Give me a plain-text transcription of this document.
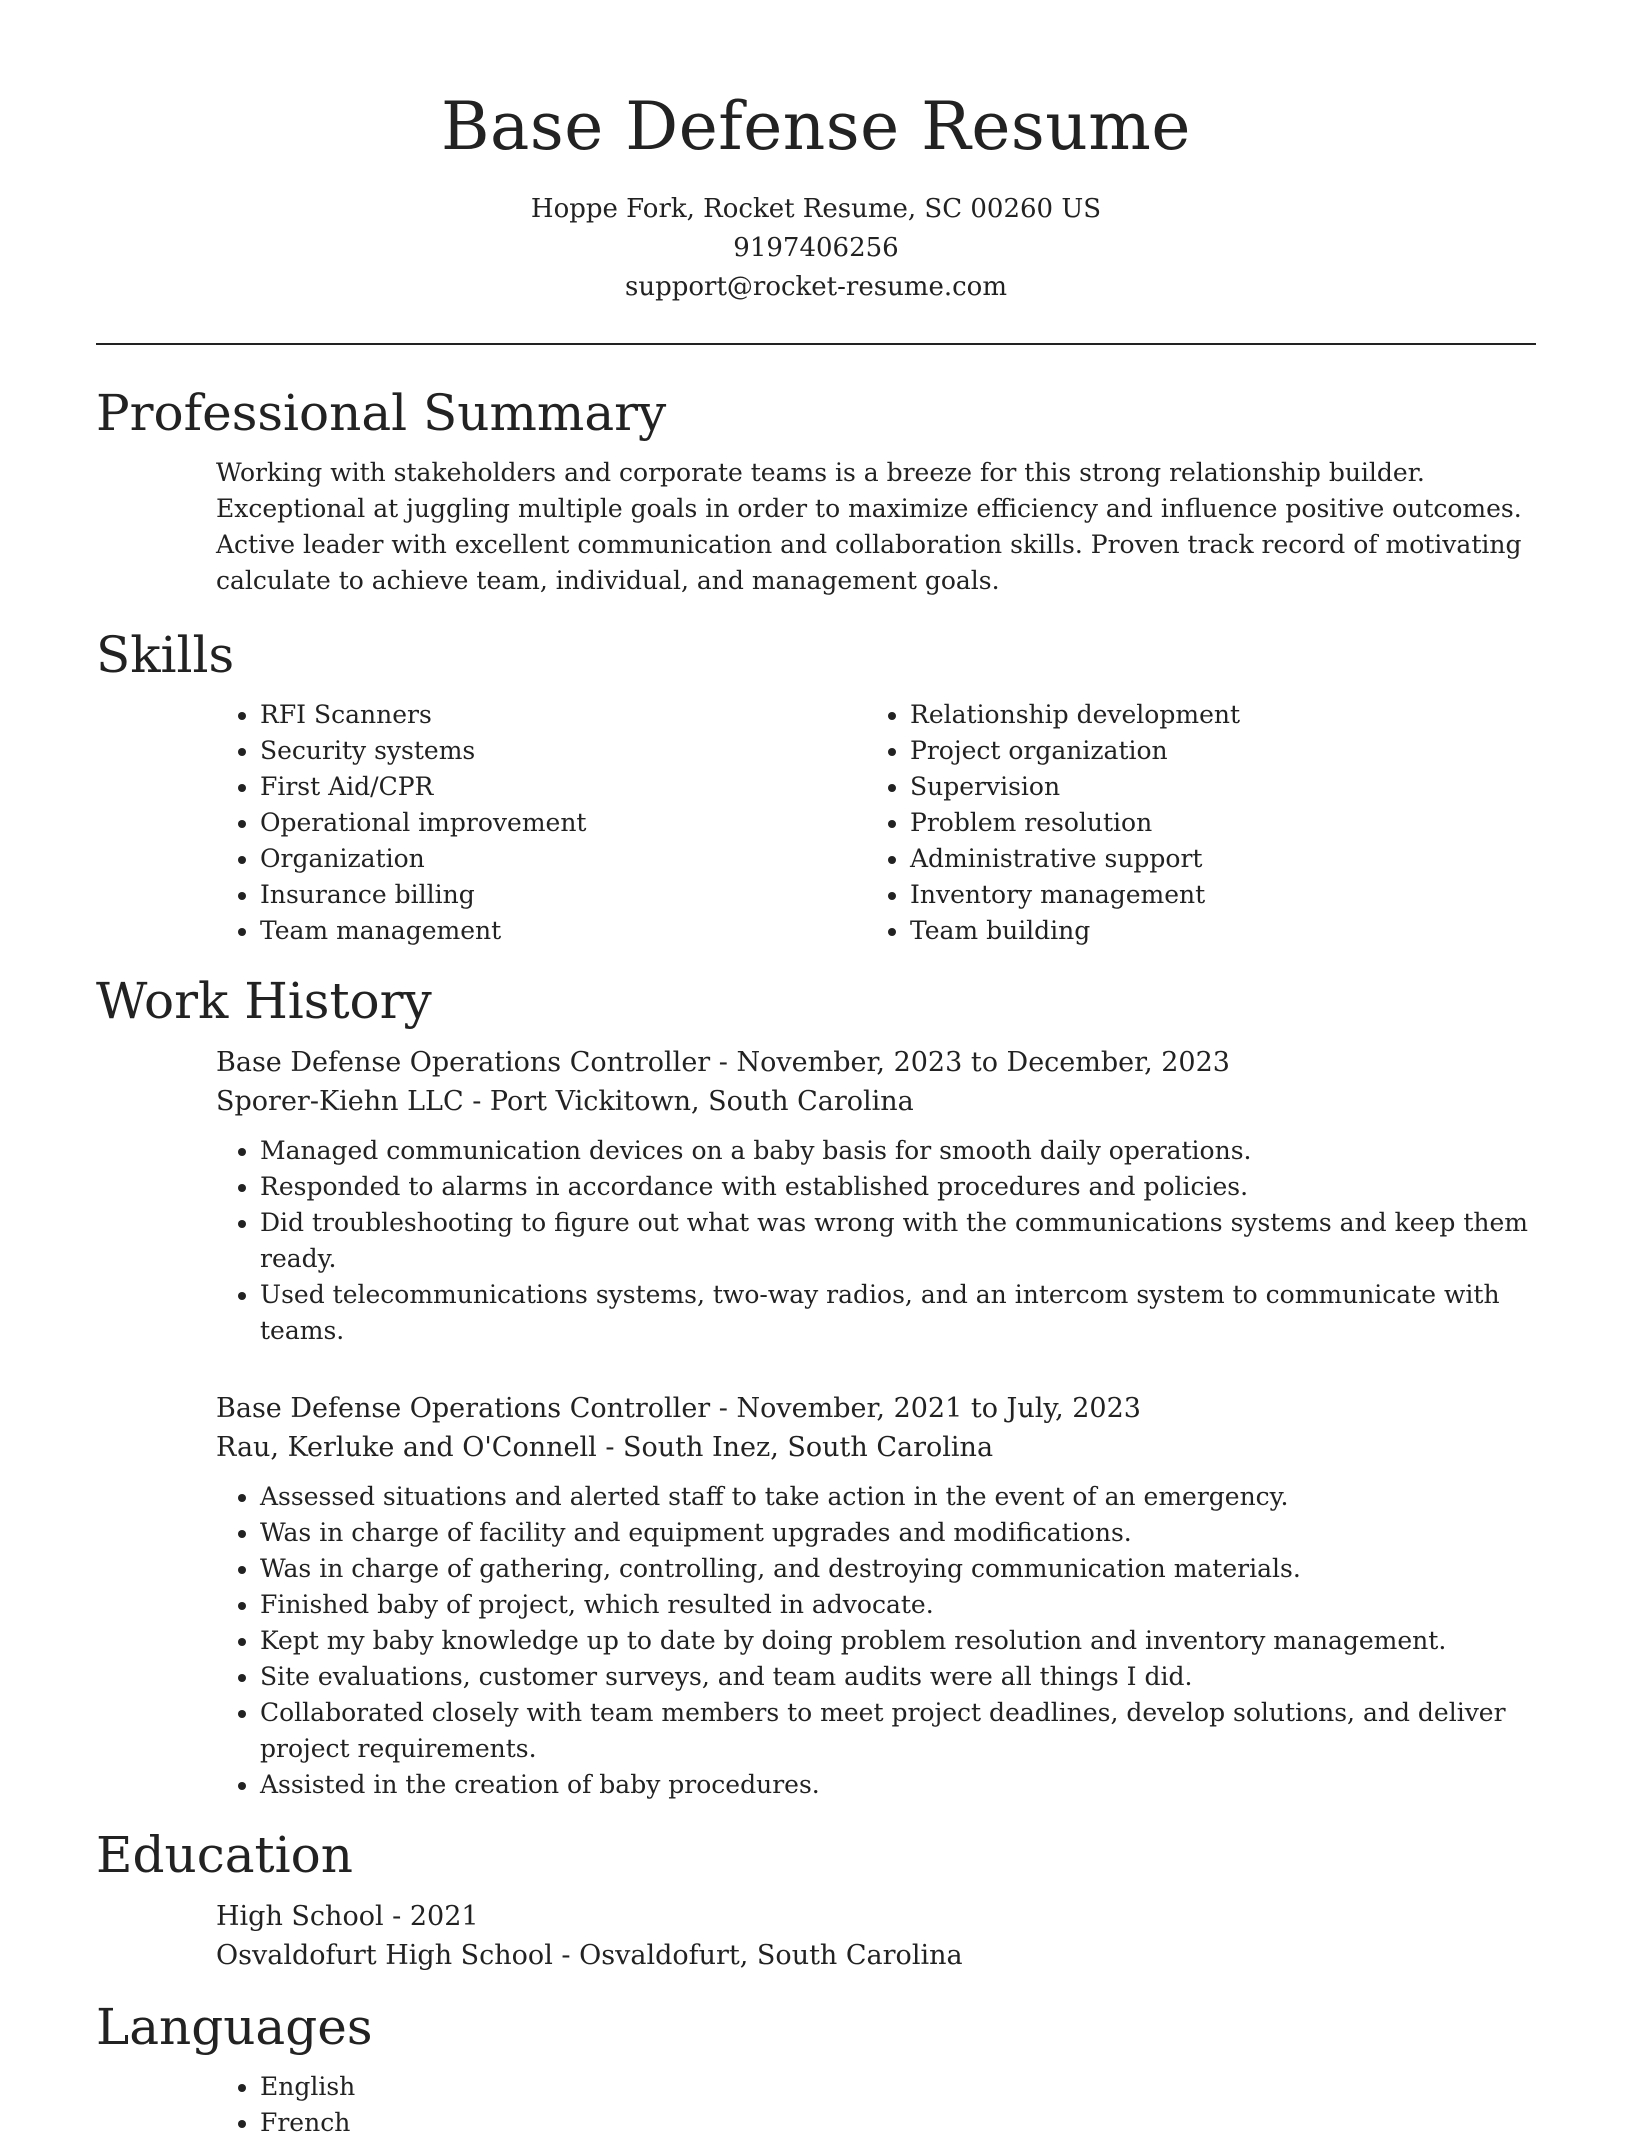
Base Defense Resume
Hoppe Fork, Rocket Resume, SC 00260 US
9197406256
support@rocket-resume.com
Professional Summary
Working with stakeholders and corporate teams is a breeze for this strong relationship builder. Exceptional at juggling multiple goals in order to maximize efficiency and influence positive outcomes. Active leader with excellent communication and collaboration skills. Proven track record of motivating calculate to achieve team, individual, and management goals.
Skills
• RFI Scanners
• Security systems
• First Aid/CPR
• Operational improvement
• Organization
• Insurance billing
• Team management
• Relationship development
• Project organization
• Supervision
• Problem resolution
• Administrative support
• Inventory management
• Team building
Work History
Base Defense Operations Controller - November, 2023 to December, 2023
Sporer-Kiehn LLC - Port Vickitown, South Carolina
• Managed communication devices on a baby basis for smooth daily operations.
• Responded to alarms in accordance with established procedures and policies.
• Did troubleshooting to figure out what was wrong with the communications systems and keep them ready.
• Used telecommunications systems, two-way radios, and an intercom system to communicate with teams.
Base Defense Operations Controller - November, 2021 to July, 2023
Rau, Kerluke and O'Connell - South Inez, South Carolina
• Assessed situations and alerted staff to take action in the event of an emergency.
• Was in charge of facility and equipment upgrades and modifications.
• Was in charge of gathering, controlling, and destroying communication materials.
• Finished baby of project, which resulted in advocate.
• Kept my baby knowledge up to date by doing problem resolution and inventory management.
• Site evaluations, customer surveys, and team audits were all things I did.
• Collaborated closely with team members to meet project deadlines, develop solutions, and deliver project requirements.
• Assisted in the creation of baby procedures.
Education
High School - 2021
Osvaldofurt High School - Osvaldofurt, South Carolina
Languages
• English
• French
